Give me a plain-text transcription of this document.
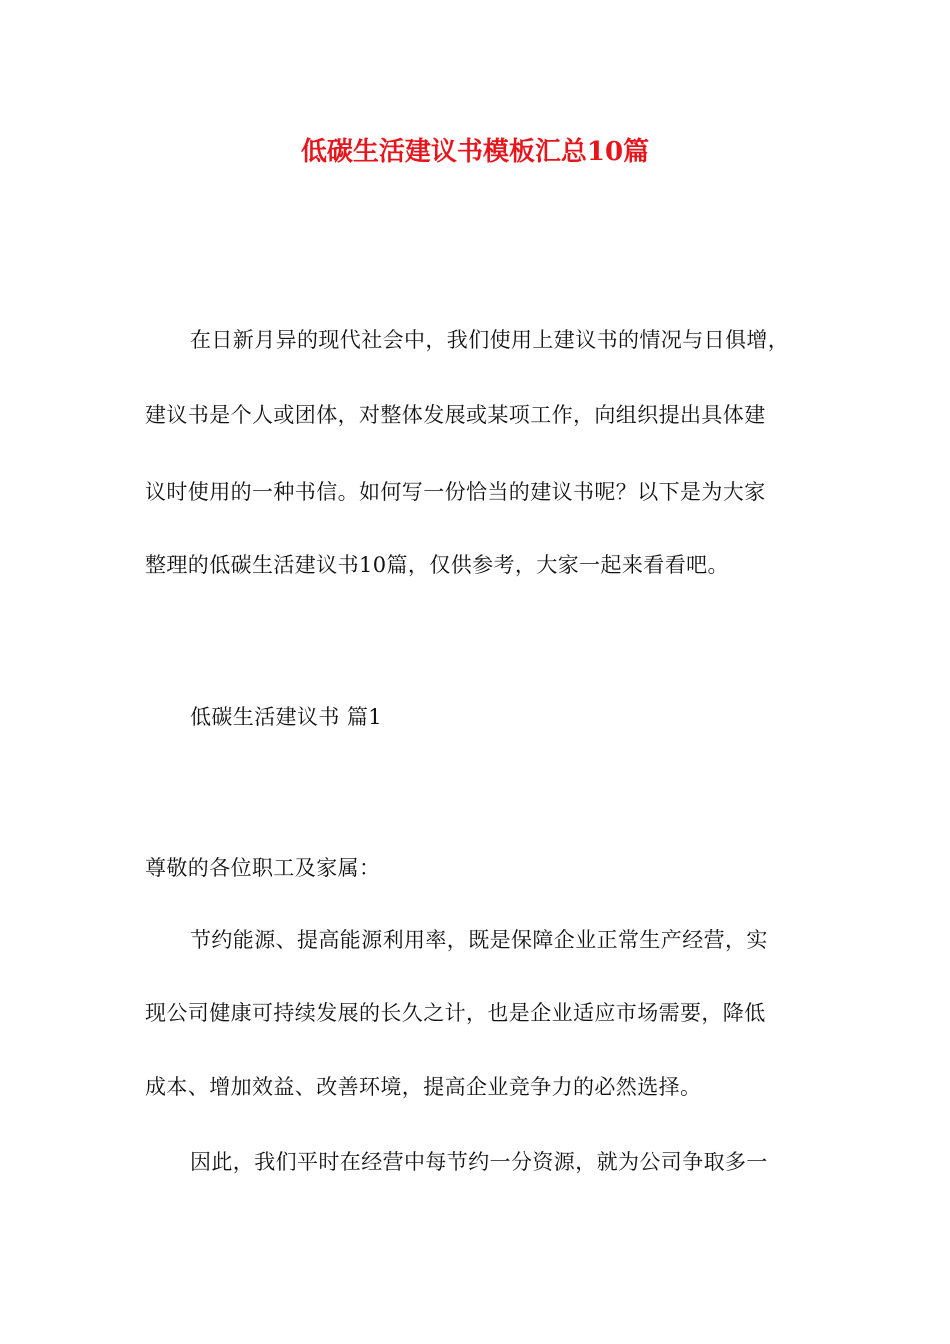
低碳生活建议书模板汇总10篇
在日新月异的现代社会中，我们使用上建议书的情况与日俱增，
建议书是个人或团体，对整体发展或某项工作，向组织提出具体建
议时使用的一种书信。如何写一份恰当的建议书呢？以下是为大家
整理的低碳生活建议书10篇，仅供参考，大家一起来看看吧。
低碳生活建议书 篇1
尊敬的各位职工及家属：
节约能源、提高能源利用率，既是保障企业正常生产经营，实
现公司健康可持续发展的长久之计，也是企业适应市场需要，降低
成本、增加效益、改善环境，提高企业竞争力的必然选择。
因此，我们平时在经营中每节约一分资源，就为公司争取多一
